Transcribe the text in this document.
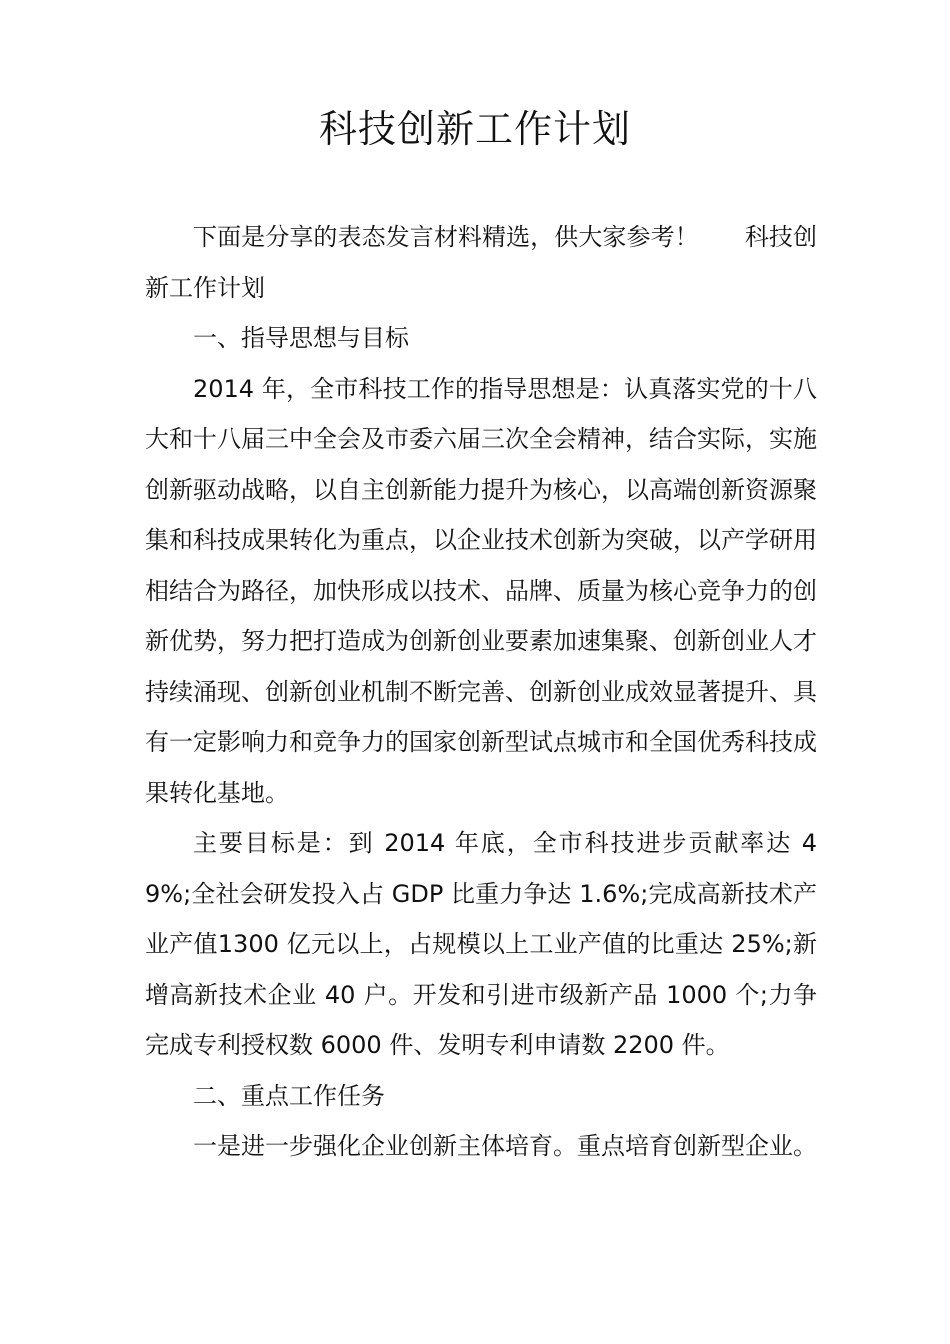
科技创新工作计划

下面是分享的表态发言材料精选，供大家参考！ 科技创新工作计划

一、指导思想与目标

2014 年，全市科技工作的指导思想是：认真落实党的十八大和十八届三中全会及市委六届三次全会精神，结合实际，实施创新驱动战略，以自主创新能力提升为核心，以高端创新资源聚集和科技成果转化为重点，以企业技术创新为突破，以产学研用相结合为路径，加快形成以技术、品牌、质量为核心竞争力的创新优势，努力把打造成为创新创业要素加速集聚、创新创业人才持续涌现、创新创业机制不断完善、创新创业成效显著提升、具有一定影响力和竞争力的国家创新型试点城市和全国优秀科技成果转化基地。

主要目标是：到 2014 年底，全市科技进步贡献率达 49%;全社会研发投入占 GDP 比重力争达 1.6%;完成高新技术产业产值1300 亿元以上，占规模以上工业产值的比重达 25%;新增高新技术企业 40 户。开发和引进市级新产品 1000 个;力争完成专利授权数 6000 件、发明专利申请数 2200 件。

二、重点工作任务

一是进一步强化企业创新主体培育。重点培育创新型企业。
